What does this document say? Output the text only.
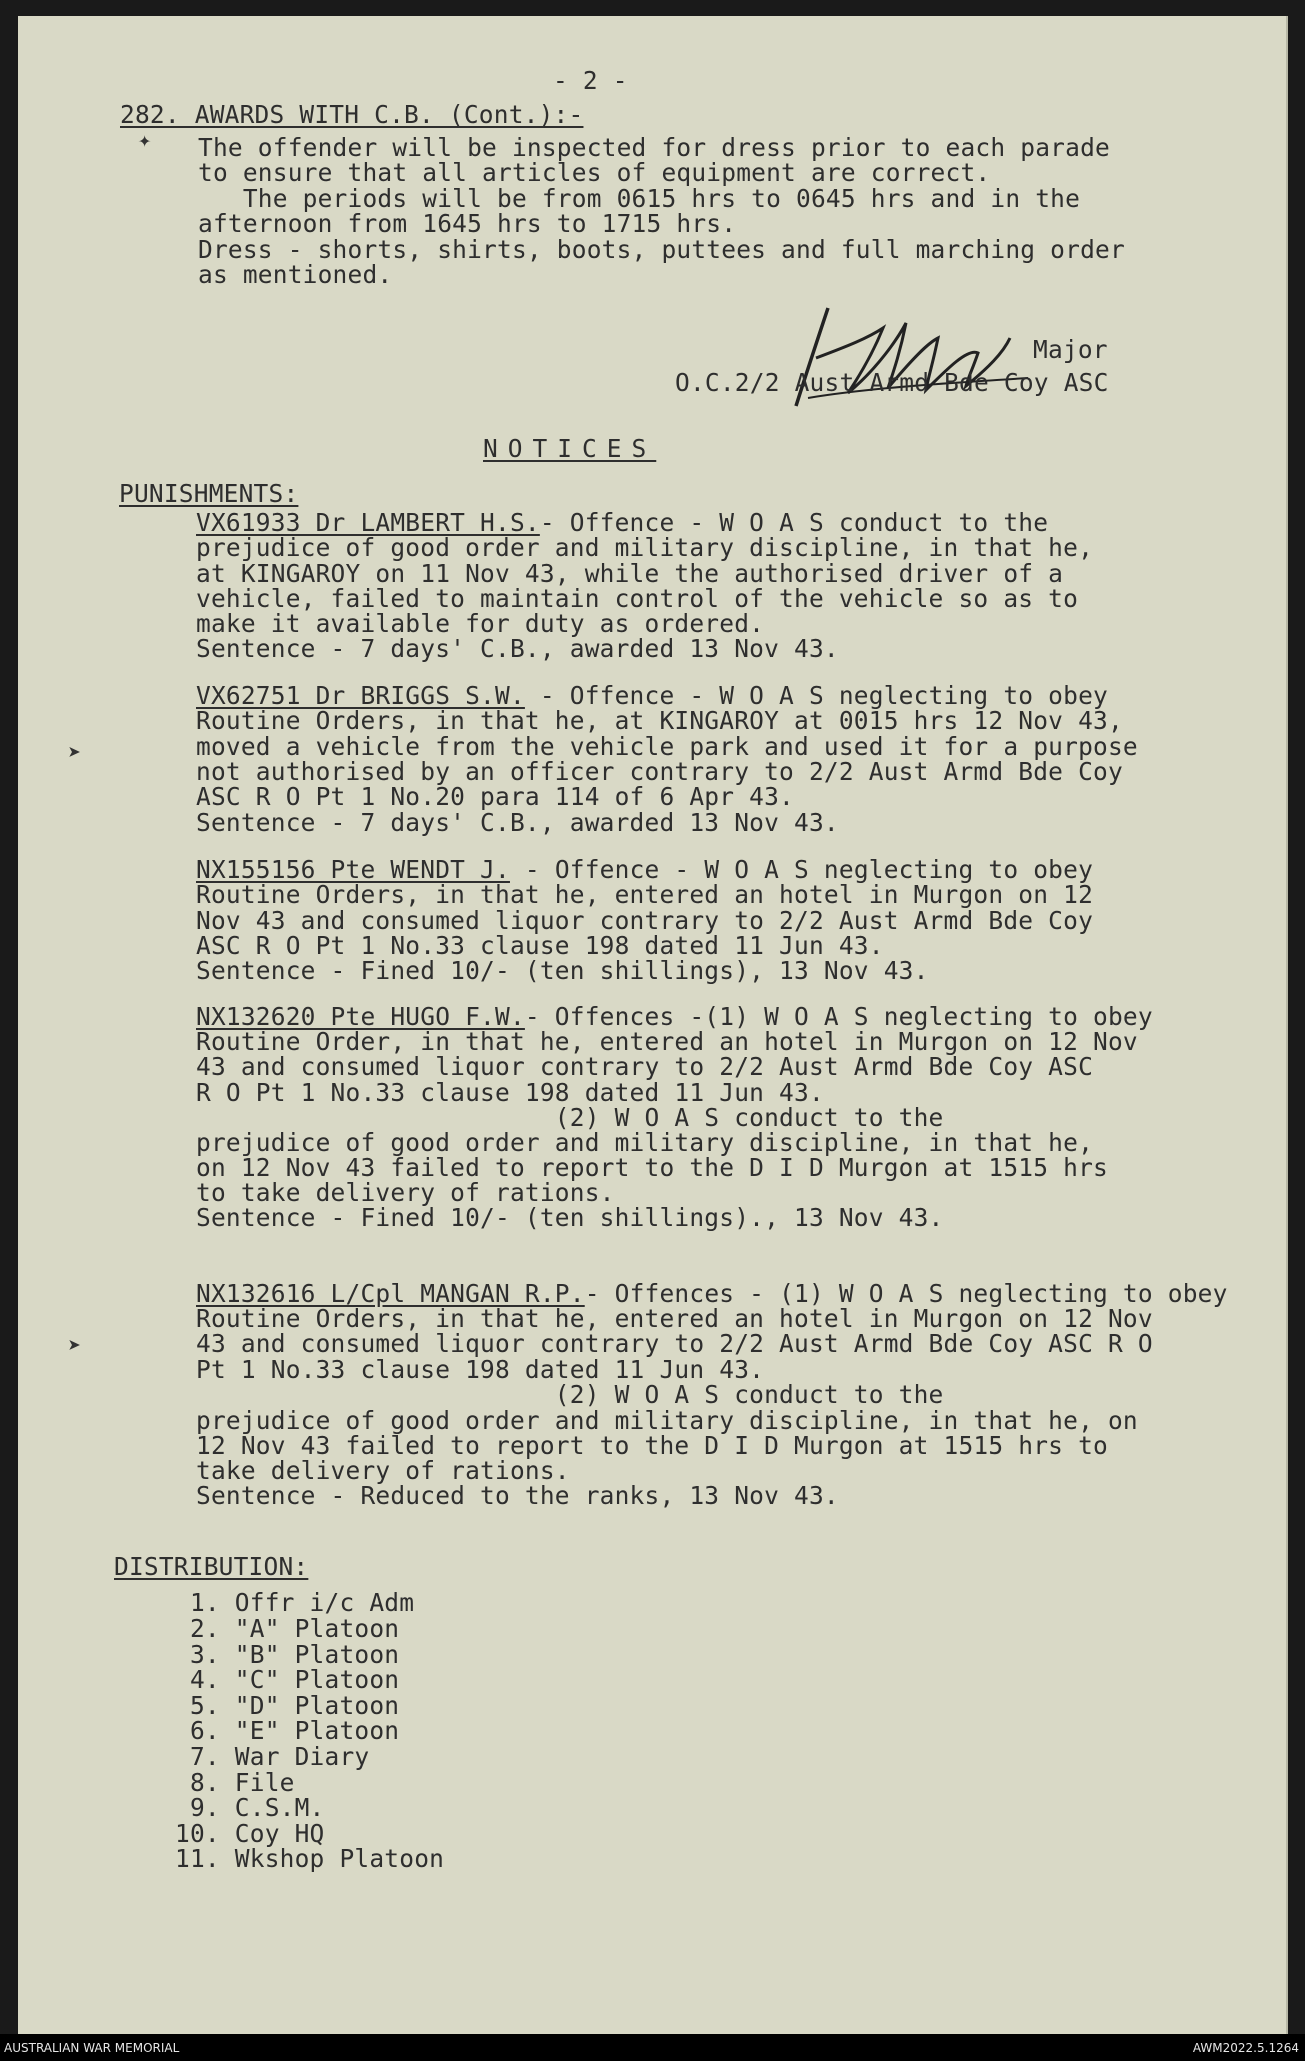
- 2 -
282. AWARDS WITH C.B. (Cont.):-
✦ The offender will be inspected for dress prior to each parade
to ensure that all articles of equipment are correct.
The periods will be from 0615 hrs to 0645 hrs and in the
afternoon from 1645 hrs to 1715 hrs.
Dress - shorts, shirts, boots, puttees and full marching order
as mentioned.
Major
O.C.2/2 Aust Armd Bde Coy ASC
NOTICES
PUNISHMENTS:
VX61933 Dr LAMBERT H.S.- Offence - W O A S conduct to the
prejudice of good order and military discipline, in that he,
at KINGAROY on 11 Nov 43, while the authorised driver of a
vehicle, failed to maintain control of the vehicle so as to
make it available for duty as ordered.
Sentence - 7 days' C.B., awarded 13 Nov 43.
VX62751 Dr BRIGGS S.W. - Offence - W O A S neglecting to obey
Routine Orders, in that he, at KINGAROY at 0015 hrs 12 Nov 43,
➤	moved a vehicle from the vehicle park and used it for a purpose
not authorised by an officer contrary to 2/2 Aust Armd Bde Coy
ASC R O Pt 1 No.20 para 114 of 6 Apr 43.
Sentence - 7 days' C.B., awarded 13 Nov 43.
NX155156 Pte WENDT J. - Offence - W O A S neglecting to obey
Routine Orders, in that he, entered an hotel in Murgon on 12
Nov 43 and consumed liquor contrary to 2/2 Aust Armd Bde Coy
ASC R O Pt 1 No.33 clause 198 dated 11 Jun 43.
Sentence - Fined 10/- (ten shillings), 13 Nov 43.
NX132620 Pte HUGO F.W.- Offences -(1) W O A S neglecting to obey
Routine Order, in that he, entered an hotel in Murgon on 12 Nov
43 and consumed liquor contrary to 2/2 Aust Armd Bde Coy ASC
R O Pt 1 No.33 clause 198 dated 11 Jun 43.
(2) W O A S conduct to the
prejudice of good order and military discipline, in that he,
on 12 Nov 43 failed to report to the D I D Murgon at 1515 hrs
to take delivery of rations.
Sentence - Fined 10/- (ten shillings)., 13 Nov 43.
NX132616 L/Cpl MANGAN R.P.- Offences - (1) W O A S neglecting to obey
Routine Orders, in that he, entered an hotel in Murgon on 12 Nov
➤	43 and consumed liquor contrary to 2/2 Aust Armd Bde Coy ASC R O
Pt 1 No.33 clause 198 dated 11 Jun 43.
(2) W O A S conduct to the
prejudice of good order and military discipline, in that he, on
12 Nov 43 failed to report to the D I D Murgon at 1515 hrs to
take delivery of rations.
Sentence - Reduced to the ranks, 13 Nov 43.
DISTRIBUTION:
1. Offr i/c Adm
2. "A" Platoon
3. "B" Platoon
4. "C" Platoon
5. "D" Platoon
6. "E" Platoon
7. War Diary
8. File
9. C.S.M.
10. Coy HQ
11. Wkshop Platoon
AUSTRALIAN WAR MEMORIAL	AWM2022.5.1264
